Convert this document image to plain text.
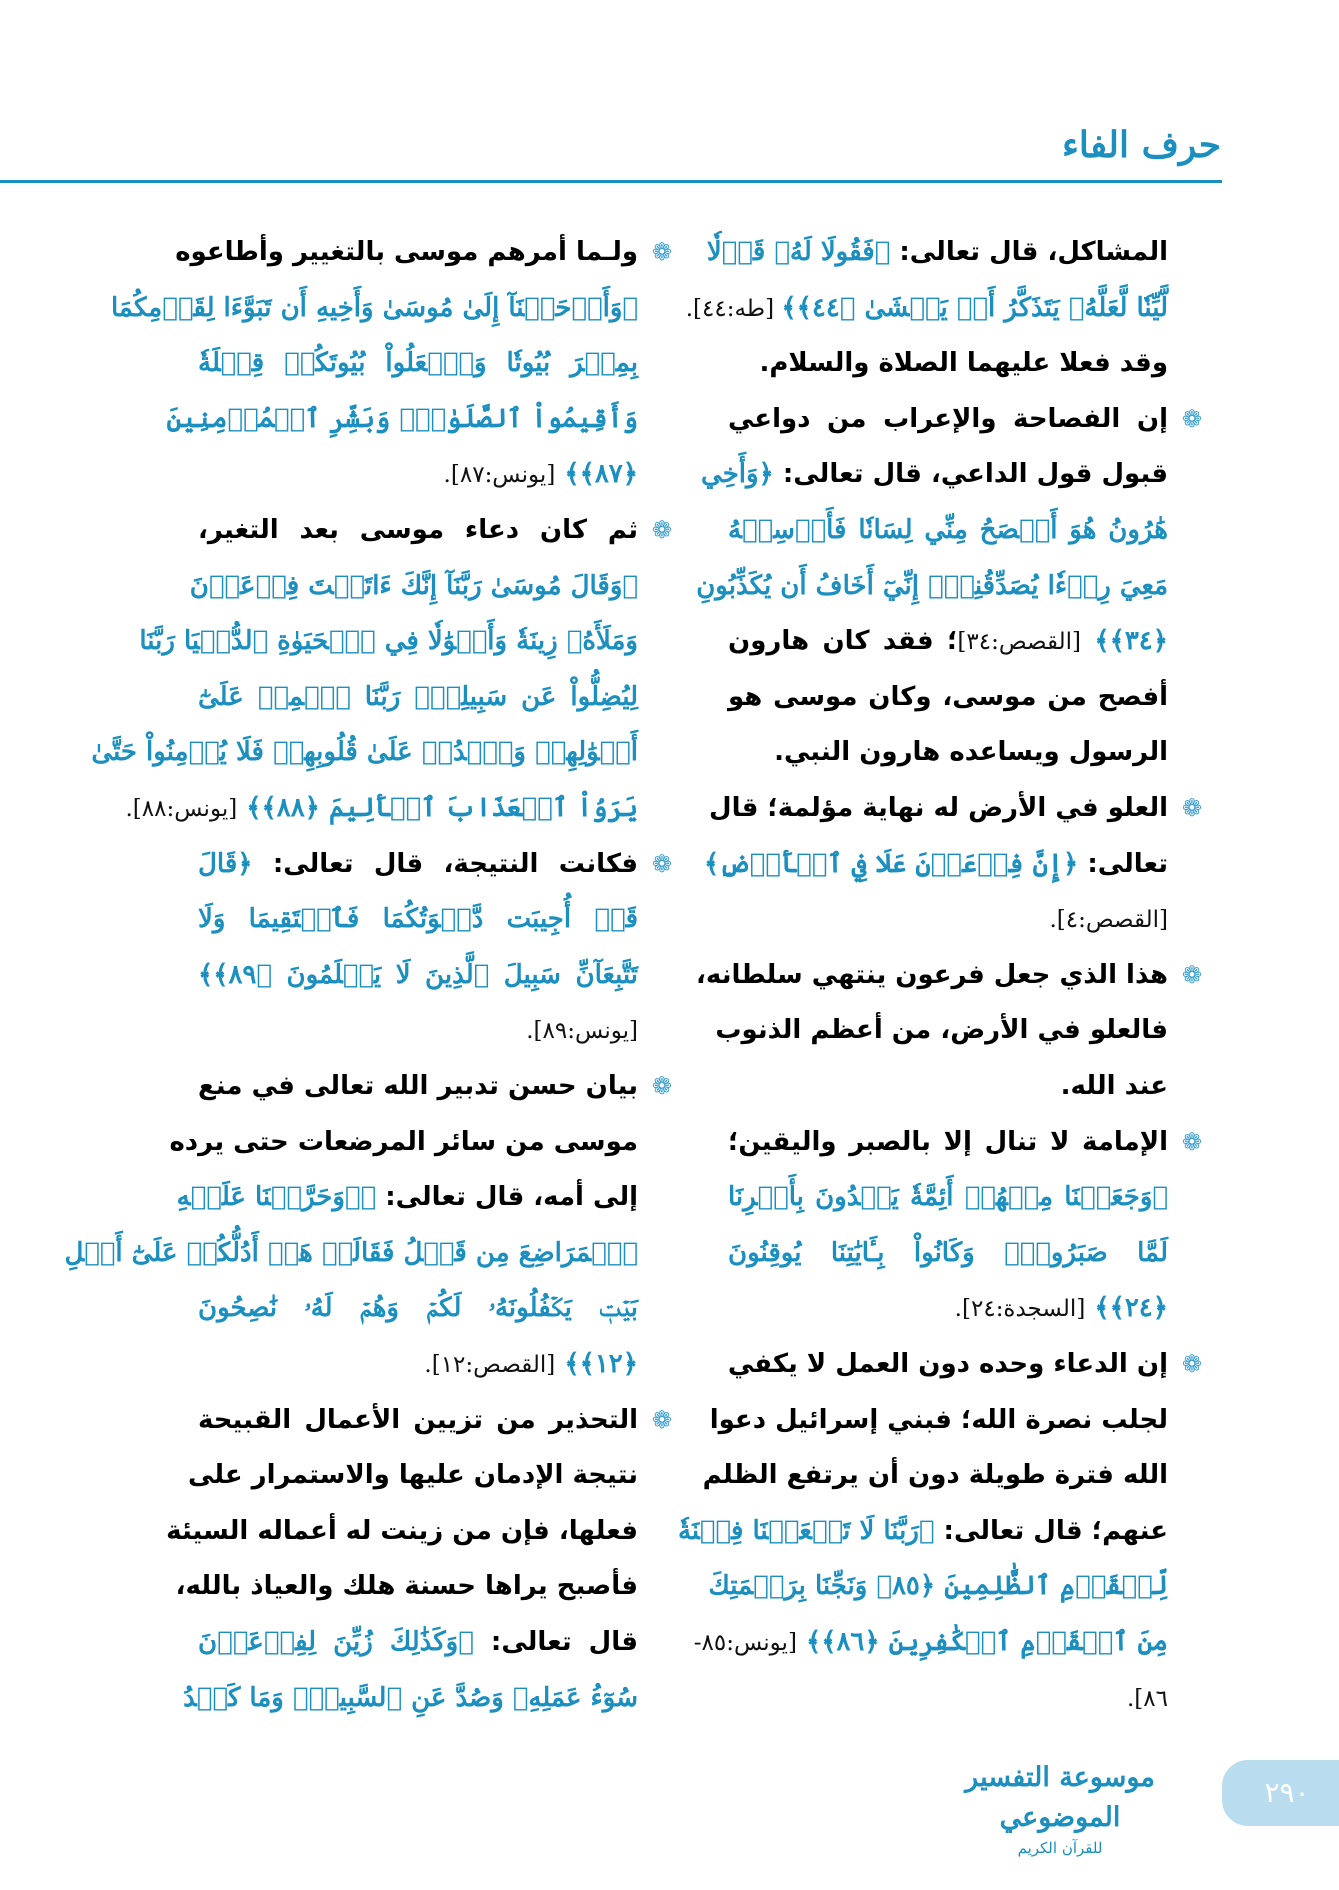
حرف الفاء
المشاكل، قال تعالى: ﴿فَقُولَا لَهُۥ قَوۡلٗا
لَّيِّنٗا لَّعَلَّهُۥ يَتَذَكَّرُ أَوۡ يَخۡشَىٰ ﴿٤٤﴾﴾ [طه:٤٤].
وقد فعلا عليهما الصلاة والسلام.
❁
إن الفصاحة والإعراب من دواعي
قبول قول الداعي، قال تعالى: ﴿وَأَخِي
هَٰرُونُ هُوَ أَفۡصَحُ مِنِّي لِسَانٗا فَأَرۡسِلۡهُ
مَعِيَ رِدۡءٗا يُصَدِّقُنِيٓۖ إِنِّيٓ أَخَافُ أَن يُكَذِّبُونِ
﴿٣٤﴾﴾ [القصص:٣٤]؛ فقد كان هارون
أفصح من موسى، وكان موسى هو
الرسول ويساعده هارون النبي.
❁
العلو في الأرض له نهاية مؤلمة؛ قال
تعالى: ﴿إِنَّ فِرۡعَوۡنَ عَلَا فِي ٱلۡأَرۡضِ﴾
[القصص:٤].
❁
هذا الذي جعل فرعون ينتهي سلطانه،
فالعلو في الأرض، من أعظم الذنوب
عند الله.
❁
الإمامة لا تنال إلا بالصبر واليقين؛
﴿وَجَعَلۡنَا مِنۡهُمۡ أَئِمَّةٗ يَهۡدُونَ بِأَمۡرِنَا
لَمَّا صَبَرُواْۖ وَكَانُواْ بِـَٔايَٰتِنَا يُوقِنُونَ
﴿٢٤﴾﴾ [السجدة:٢٤].
❁
إن الدعاء وحده دون العمل لا يكفي
لجلب نصرة الله؛ فبني إسرائيل دعوا
الله فترة طويلة دون أن يرتفع الظلم
عنهم؛ قال تعالى: ﴿رَبَّنَا لَا تَجۡعَلۡنَا فِتۡنَةٗ
لِّلۡقَوۡمِ ٱلظَّٰلِمِينَ ﴿٨٥﴾ وَنَجِّنَا بِرَحۡمَتِكَ
مِنَ ٱلۡقَوۡمِ ٱلۡكَٰفِرِينَ ﴿٨٦﴾﴾ [يونس:٨٥-
٨٦].
❁
ولـما أمرهم موسى بالتغيير وأطاعوه
﴿وَأَوۡحَيۡنَآ إِلَىٰ مُوسَىٰ وَأَخِيهِ أَن تَبَوَّءَا لِقَوۡمِكُمَا
بِمِصۡرَ بُيُوتٗا وَٱجۡعَلُواْ بُيُوتَكُمۡ قِبۡلَةٗ
وَأَقِيمُواْ ٱلصَّلَوٰةَۗ وَبَشِّرِ ٱلۡمُؤۡمِنِينَ
﴿٨٧﴾﴾ [يونس:٨٧].
❁
ثم كان دعاء موسى بعد التغير،
﴿وَقَالَ مُوسَىٰ رَبَّنَآ إِنَّكَ ءَاتَيۡتَ فِرۡعَوۡنَ
وَمَلَأَهُۥ زِينَةٗ وَأَمۡوَٰلٗا فِي ٱلۡحَيَوٰةِ ٱلدُّنۡيَا رَبَّنَا
لِيُضِلُّواْ عَن سَبِيلِكَۖ رَبَّنَا ٱطۡمِسۡ عَلَىٰٓ
أَمۡوَٰلِهِمۡ وَٱشۡدُدۡ عَلَىٰ قُلُوبِهِمۡ فَلَا يُؤۡمِنُواْ حَتَّىٰ
يَرَوُاْ ٱلۡعَذَابَ ٱلۡأَلِيمَ ﴿٨٨﴾﴾ [يونس:٨٨].
❁
فكانت النتيجة، قال تعالى: ﴿قَالَ
قَدۡ أُجِيبَت دَّعۡوَتُكُمَا فَٱسۡتَقِيمَا وَلَا
تَتَّبِعَآنِّ سَبِيلَ ٱلَّذِينَ لَا يَعۡلَمُونَ ﴿٨٩﴾﴾
[يونس:٨٩].
❁
بيان حسن تدبير الله تعالى في منع
موسى من سائر المرضعات حتى يرده
إلى أمه، قال تعالى: ﴿۞وَحَرَّمۡنَا عَلَيۡهِ
ٱلۡمَرَاضِعَ مِن قَبۡلُ فَقَالَتۡ هَلۡ أَدُلُّكُمۡ عَلَىٰٓ أَهۡلِ
بَيۡتٖ يَكۡفُلُونَهُۥ لَكُمۡ وَهُمۡ لَهُۥ نَٰصِحُونَ
﴿١٢﴾﴾ [القصص:١٢].
❁
التحذير من تزيين الأعمال القبيحة
نتيجة الإدمان عليها والاستمرار على
فعلها، فإن من زينت له أعماله السيئة
فأصبح يراها حسنة هلك والعياذ بالله،
قال تعالى: ﴿وَكَذَٰلِكَ زُيِّنَ لِفِرۡعَوۡنَ
سُوٓءُ عَمَلِهِۦ وَصُدَّ عَنِ ٱلسَّبِيلِۚ وَمَا كَيۡدُ
موسوعة التفسير الموضوعي
للقرآن الكريم
٢٩٠
